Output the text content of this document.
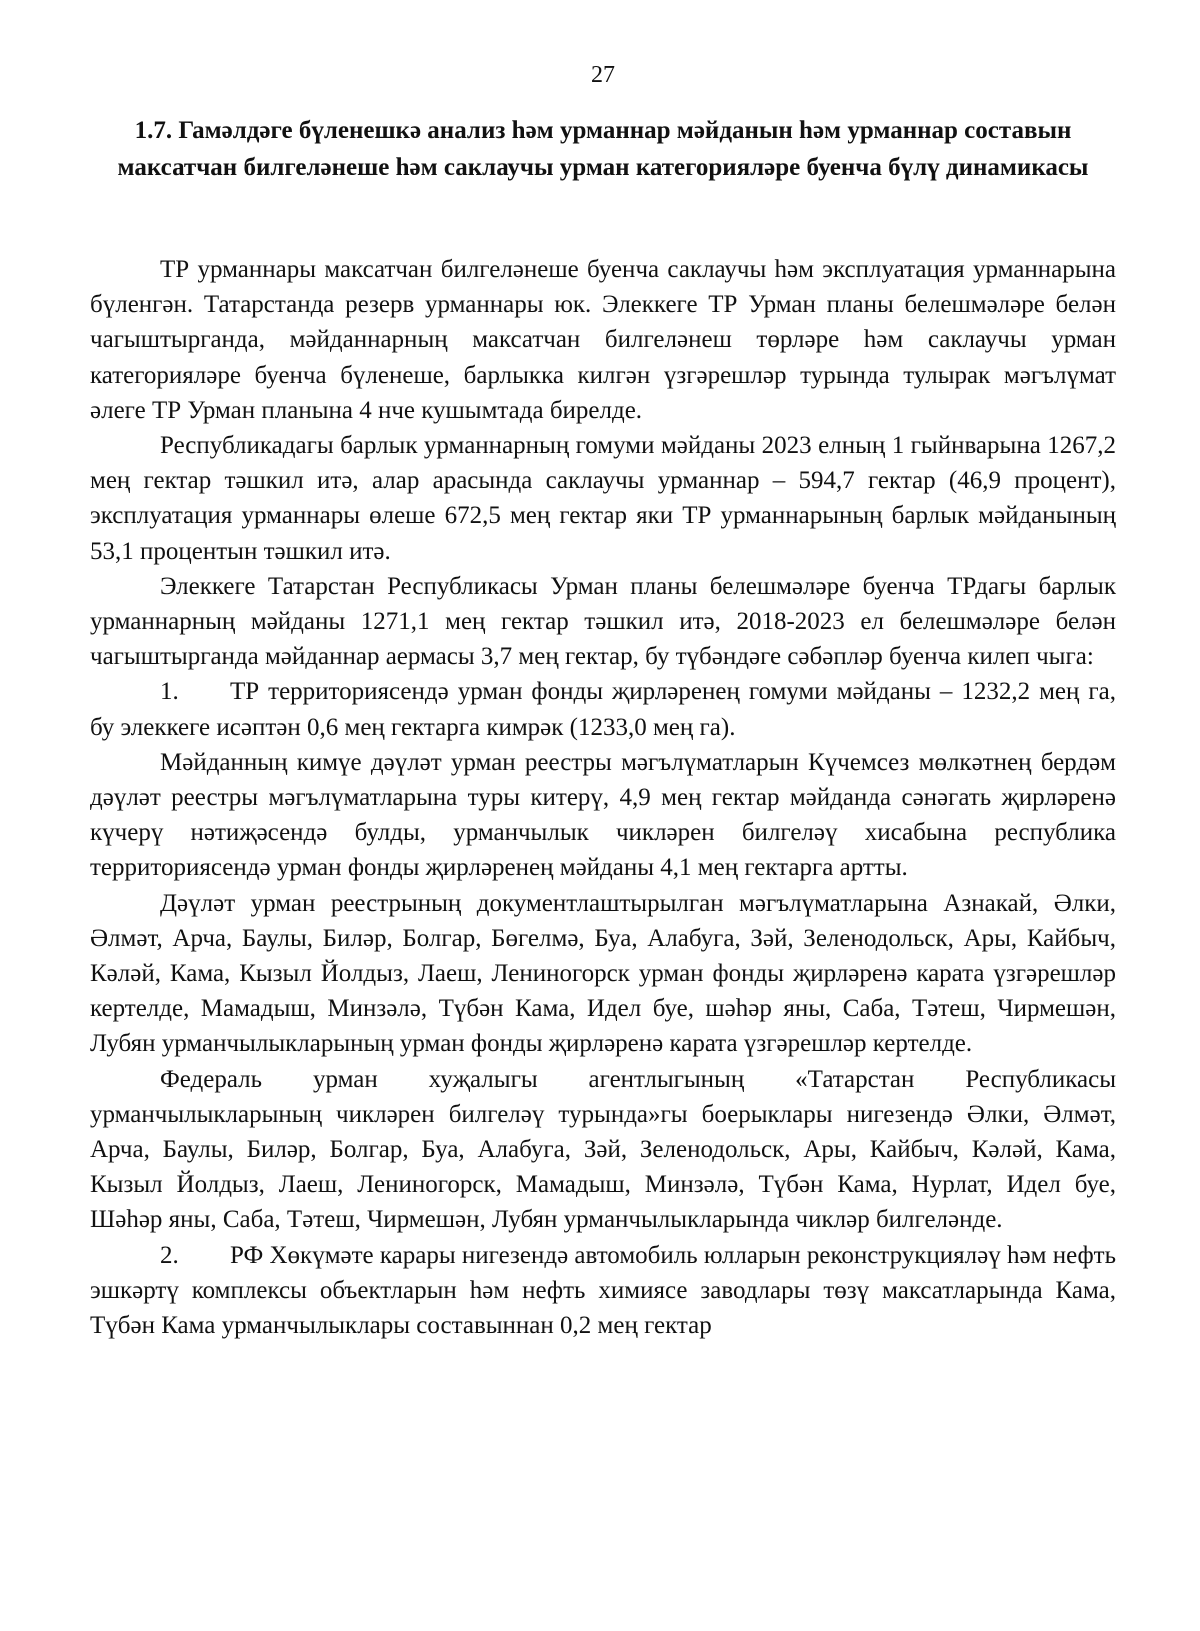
27
1.7. Гамәлдәге бүленешкә анализ һәм урманнар мәйданын һәм урманнар составын максатчан билгеләнеше һәм саклаучы урман категорияләре буенча бүлү динамикасы

ТР урманнары максатчан билгеләнеше буенча саклаучы һәм эксплуатация урманнарына бүленгән. Татарстанда резерв урманнары юк. Элеккеге ТР Урман планы белешмәләре белән чагыштырганда, мәйданнарның максатчан билгеләнеш төрләре һәм саклаучы урман категорияләре буенча бүленеше, барлыкка килгән үзгәрешләр турында тулырак мәгълүмат әлеге ТР Урман планына 4 нче кушымтада бирелде.

Республикадагы барлык урманнарның гомуми мәйданы 2023 елның 1 гыйнварына 1267,2 мең гектар тәшкил итә, алар арасында саклаучы урманнар – 594,7 гектар (46,9 процент), эксплуатация урманнары өлеше 672,5 мең гектар яки ТР урманнарының барлык мәйданының 53,1 процентын тәшкил итә.

Элеккеге Татарстан Республикасы Урман планы белешмәләре буенча ТРдагы барлык урманнарның мәйданы 1271,1 мең гектар тәшкил итә, 2018-2023 ел белешмәләре белән чагыштырганда мәйданнар аермасы 3,7 мең гектар, бу түбәндәге сәбәпләр буенча килеп чыга:

1. ТР территориясендә урман фонды җирләренең гомуми мәйданы – 1232,2 мең га, бу элеккеге исәптән 0,6 мең гектарга кимрәк (1233,0 мең га).

Мәйданның кимүе дәүләт урман реестры мәгълүматларын Күчемсез мөлкәтнең бердәм дәүләт реестры мәгълүматларына туры китерү, 4,9 мең гектар мәйданда сәнәгать җирләренә күчерү нәтиҗәсендә булды, урманчылык чикләрен билгеләү хисабына республика территориясендә урман фонды җирләренең мәйданы 4,1 мең гектарга артты.

Дәүләт урман реестрының документлаштырылган мәгълүматларына Азнакай, Әлки, Әлмәт, Арча, Баулы, Биләр, Болгар, Бөгелмә, Буа, Алабуга, Зәй, Зеленодольск, Ары, Кайбыч, Кәләй, Кама, Кызыл Йолдыз, Лаеш, Лениногорск урман фонды җирләренә карата үзгәрешләр кертелде, Мамадыш, Минзәлә, Түбән Кама, Идел буе, шәһәр яны, Саба, Тәтеш, Чирмешән, Лубян урманчылыкларының урман фонды җирләренә карата үзгәрешләр кертелде.

Федераль урман хуҗалыгы агентлыгының «Татарстан Республикасы урманчылыкларының чикләрен билгеләү турында»гы боерыклары нигезендә Әлки, Әлмәт, Арча, Баулы, Биләр, Болгар, Буа, Алабуга, Зәй, Зеленодольск, Ары, Кайбыч, Кәләй, Кама, Кызыл Йолдыз, Лаеш, Лениногорск, Мамадыш, Минзәлә, Түбән Кама, Нурлат, Идел буе, Шәһәр яны, Саба, Тәтеш, Чирмешән, Лубян урманчылыкларында чикләр билгеләнде.

2. РФ Хөкүмәте карары нигезендә автомобиль юлларын реконструкцияләү һәм нефть эшкәртү комплексы объектларын һәм нефть химиясе заводлары төзү максатларында Кама, Түбән Кама урманчылыклары составыннан 0,2 мең гектар
